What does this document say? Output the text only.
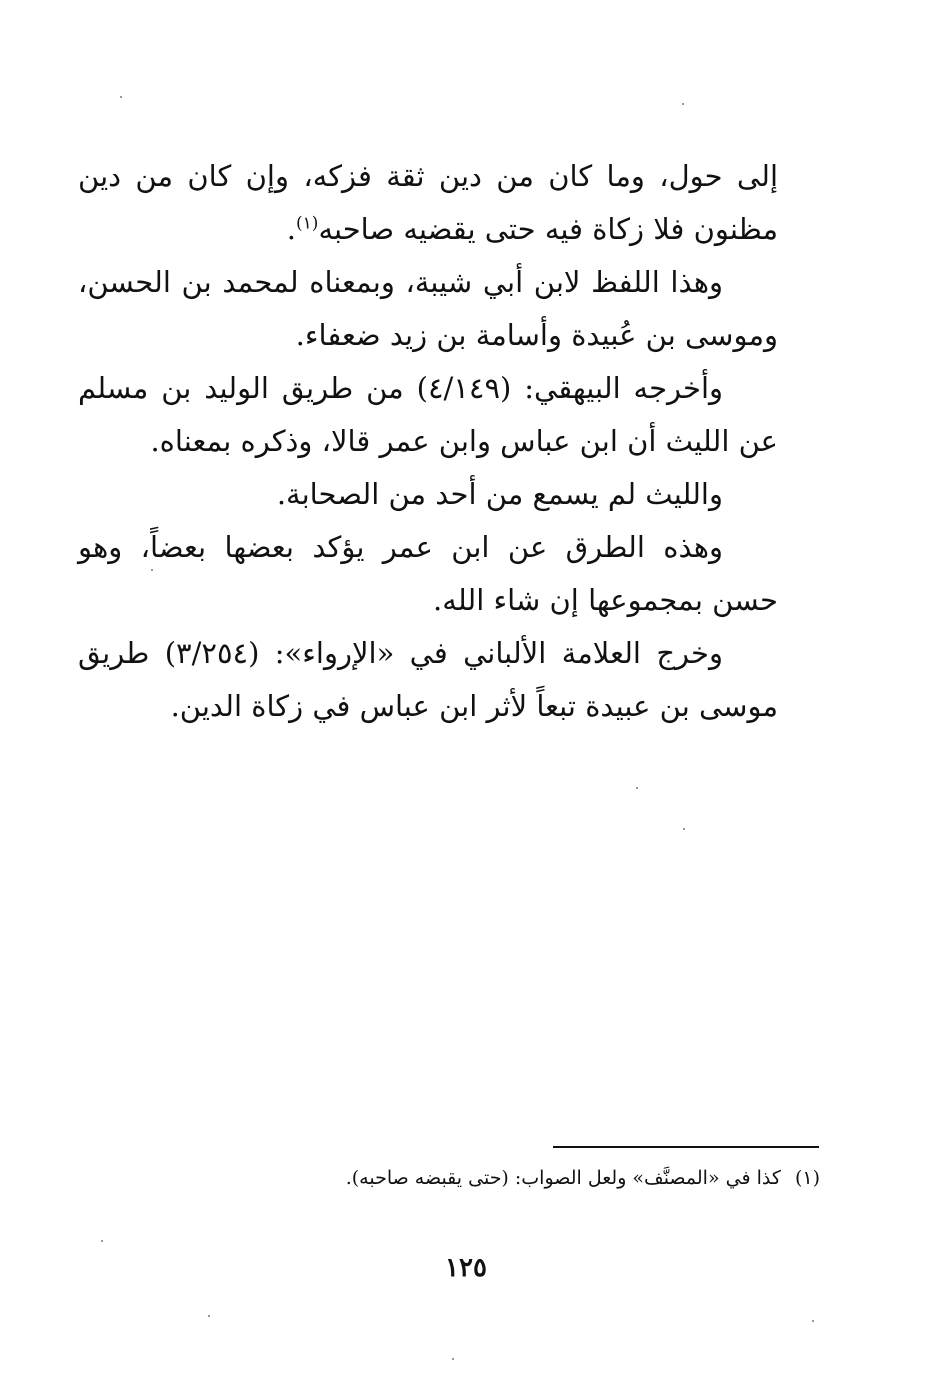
إلى حول، وما كان من دين ثقة فزكه، وإن كان من دين مظنون فلا زكاة فيه حتى يقضيه صاحبه$^{(١)}$.

وهذا اللفظ لابن أبي شيبة، وبمعناه لمحمد بن الحسن، وموسى بن عُبيدة وأسامة بن زيد ضعفاء.

وأخرجه البيهقي: (٤/١٤٩) من طريق الوليد بن مسلم عن الليث أن ابن عباس وابن عمر قالا، وذكره بمعناه.

والليث لم يسمع من أحد من الصحابة.

وهذه الطرق عن ابن عمر يؤكد بعضها بعضاً، وهو حسن بمجموعها إن شاء الله.

وخرج العلامة الألباني في «الإرواء»: (٣/٢٥٤) طريق موسى بن عبيدة تبعاً لأثر ابن عباس في زكاة الدين.

(١) كذا في «المصنَّف» ولعل الصواب: (حتى يقبضه صاحبه).
١٢٥
